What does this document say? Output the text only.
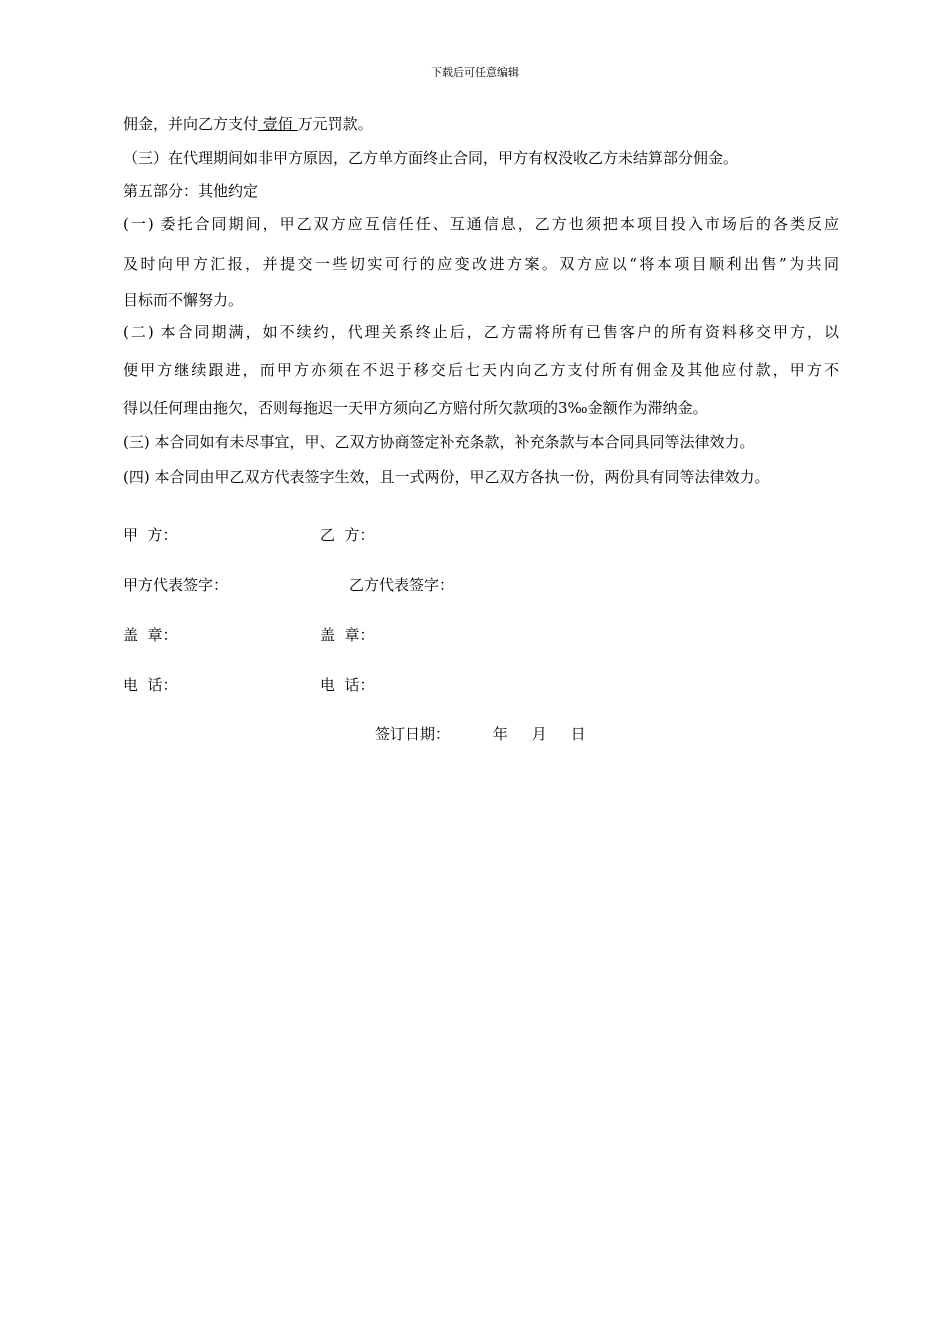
下载后可任意编辑
佣金，并向乙方支付 壹佰 万元罚款。
（三）在代理期间如非甲方原因，乙方单方面终止合同，甲方有权没收乙方未结算部分佣金。
第五部分：其他约定
(一) 委托合同期间，甲乙双方应互信任任、互通信息，乙方也须把本项目投入市场后的各类反应
及时向甲方汇报，并提交一些切实可行的应变改进方案。双方应以“将本项目顺利出售”为共同
目标而不懈努力。
(二) 本合同期满，如不续约，代理关系终止后，乙方需将所有已售客户的所有资料移交甲方，以
便甲方继续跟进，而甲方亦须在不迟于移交后七天内向乙方支付所有佣金及其他应付款，甲方不
得以任何理由拖欠，否则每拖迟一天甲方须向乙方赔付所欠款项的3‰金额作为滞纳金。
(三) 本合同如有未尽事宜，甲、乙双方协商签定补充条款，补充条款与本合同具同等法律效力。
(四) 本合同由甲乙双方代表签字生效，且一式两份，甲乙双方各执一份，两份具有同等法律效力。
甲  方：	乙  方：
甲方代表签字：	乙方代表签字：
盖  章：	盖  章：
电  话：	电  话：
签订日期：         年     月     日
